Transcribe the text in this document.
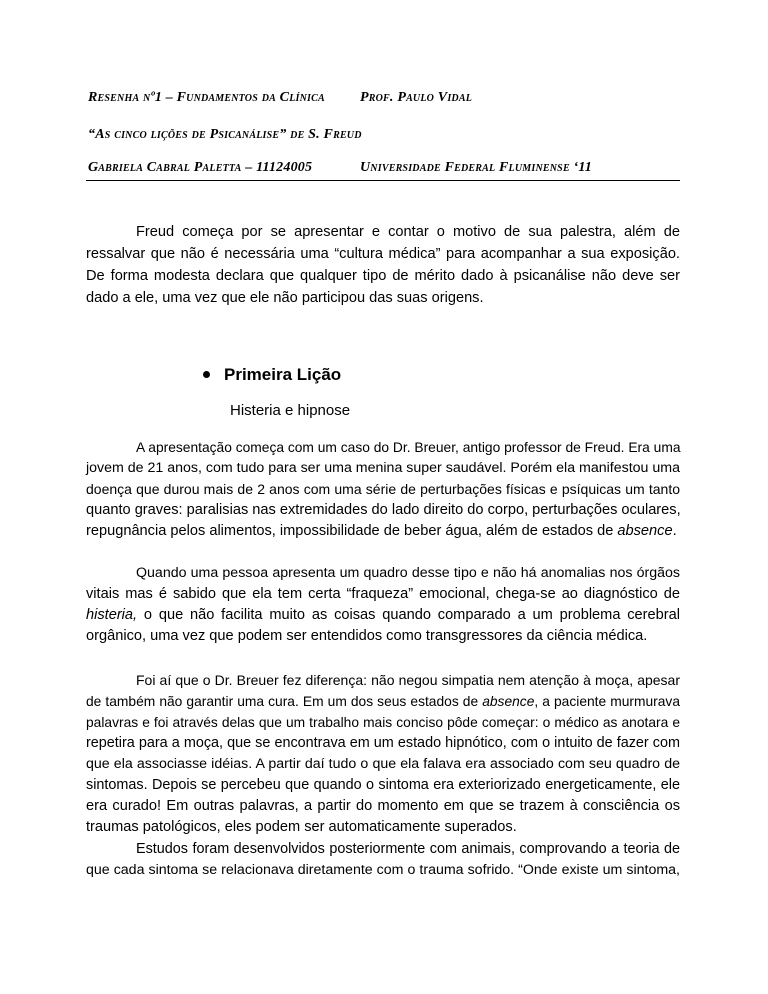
Resenha nº1 – Fundamentos da Clínica	Prof. Paulo Vidal
“As cinco lições de Psicanálise” de S. Freud
Gabriela Cabral Paletta – 11124005	Universidade Federal Fluminense ‘11
Freud começa por se apresentar e contar o motivo de sua palestra, além de
ressalvar que não é necessária uma “cultura médica” para acompanhar a sua exposição.
De forma modesta declara que qualquer tipo de mérito dado à psicanálise não deve ser
dado a ele, uma vez que ele não participou das suas origens.
Primeira Lição
Histeria e hipnose
A apresentação começa com um caso do Dr. Breuer, antigo professor de Freud. Era uma
jovem de 21 anos, com tudo para ser uma menina super saudável. Porém ela manifestou uma
doença que durou mais de 2 anos com uma série de perturbações físicas e psíquicas um tanto
quanto graves: paralisias nas extremidades do lado direito do corpo, perturbações oculares,
repugnância pelos alimentos, impossibilidade de beber água, além de estados de absence.
Quando uma pessoa apresenta um quadro desse tipo e não há anomalias nos órgãos
vitais mas é sabido que ela tem certa “fraqueza” emocional, chega-se ao diagnóstico de
histeria, o que não facilita muito as coisas quando comparado a um problema cerebral
orgânico, uma vez que podem ser entendidos como transgressores da ciência médica.
Foi aí que o Dr. Breuer fez diferença: não negou simpatia nem atenção à moça, apesar
de também não garantir uma cura. Em um dos seus estados de absence, a paciente murmurava
palavras e foi através delas que um trabalho mais conciso pôde começar: o médico as anotara e
repetira para a moça, que se encontrava em um estado hipnótico, com o intuito de fazer com
que ela associasse idéias. A partir daí tudo o que ela falava era associado com seu quadro de
sintomas. Depois se percebeu que quando o sintoma era exteriorizado energeticamente, ele
era curado! Em outras palavras, a partir do momento em que se trazem à consciência os
traumas patológicos, eles podem ser automaticamente superados.
Estudos foram desenvolvidos posteriormente com animais, comprovando a teoria de
que cada sintoma se relacionava diretamente com o trauma sofrido. “Onde existe um sintoma,
